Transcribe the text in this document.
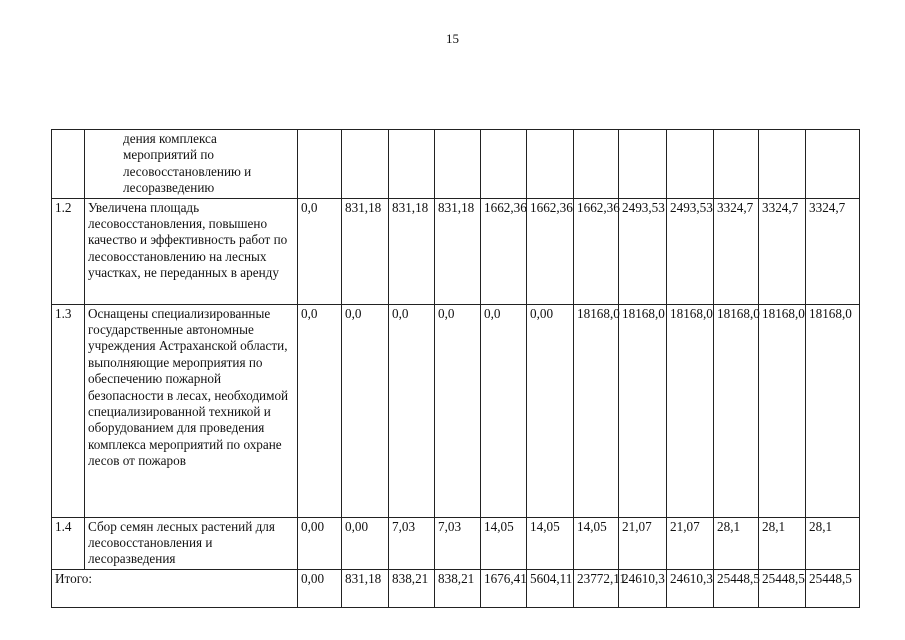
15
	дения комплекса мероприятий по лесовосстановлению и лесоразведению												
1.2	Увеличена площадь лесовосстановления, повышено качество и эффективность работ по лесовосстановлению на лесных участках, не переданных в аренду	0,0	831,18	831,18	831,18	1662,36	1662,36	1662,36	2493,53	2493,53	3324,7	3324,7	3324,7
1.3	Оснащены специализированные государственные автономные учреждения Астраханской области, выполняющие мероприятия по обеспечению пожарной безопасности в лесах, необходимой специализированной техникой и оборудованием для проведения комплекса мероприятий по охране лесов от пожаров	0,0	0,0	0,0	0,0	0,0	0,00	18168,0	18168,0	18168,0	18168,0	18168,0	18168,0
1.4	Сбор семян лесных растений для лесовосстановления и лесоразведения	0,00	0,00	7,03	7,03	14,05	14,05	14,05	21,07	21,07	28,1	28,1	28,1
Итого:		0,00	831,18	838,21	838,21	1676,41	5604,11	23772,11	24610,3	24610,3	25448,5	25448,5	25448,5
